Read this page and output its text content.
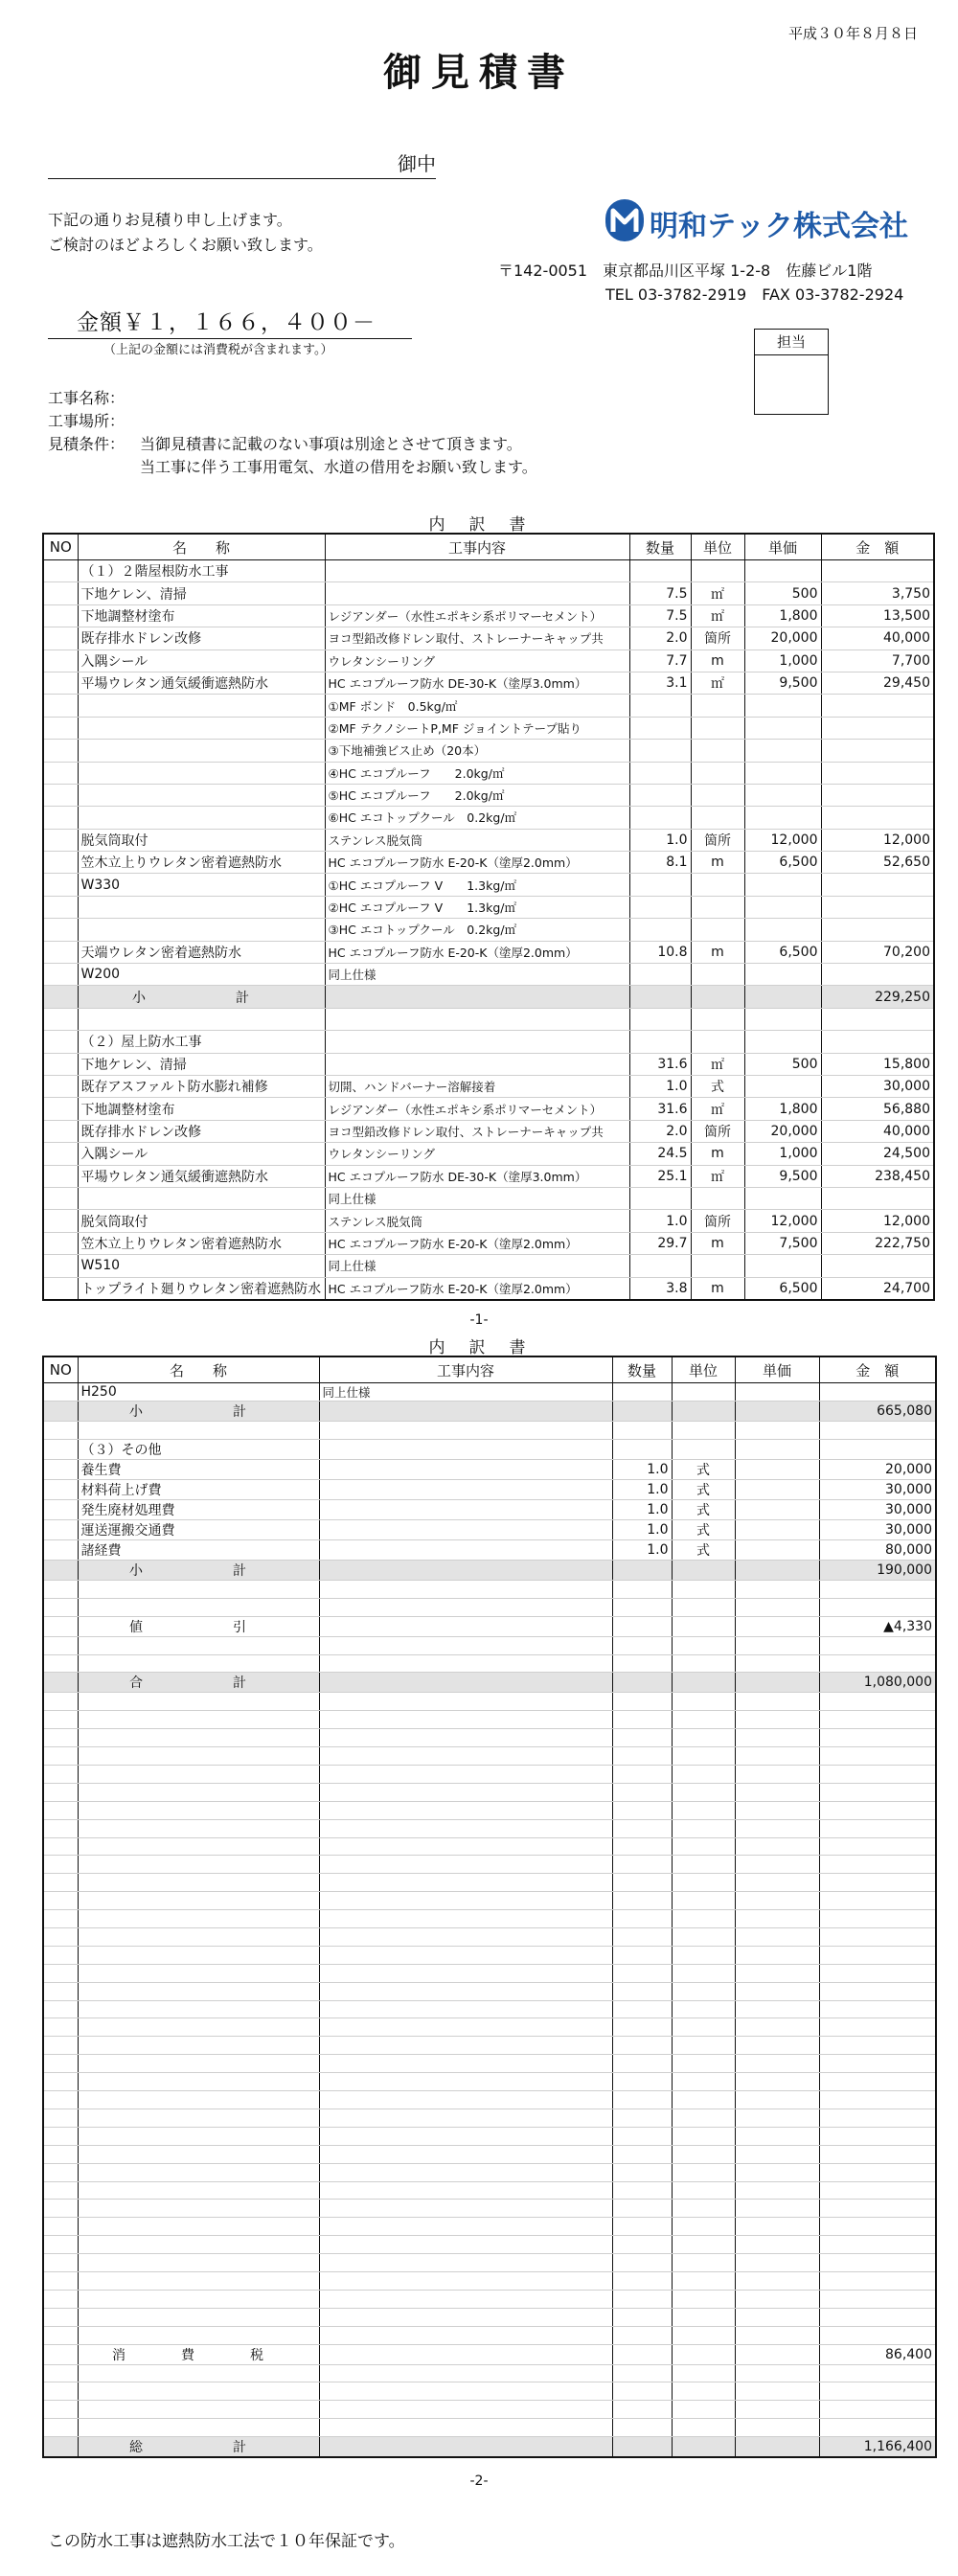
平成３０年８月８日
御見積書
御中
下記の通りお見積り申し上げます。
ご検討のほどよろしくお願い致します。
明和テック株式会社
〒142-0051　東京都品川区平塚 1-2-8　佐藤ビル1階
TEL 03-3782-2919　FAX 03-3782-2924
金額￥１，１６６，４００－
（上記の金額には消費税が含まれます。）	担当
工事名称：
工事場所：
見積条件： 当御見積書に記載のない事項は別途とさせて頂きます。
当工事に伴う工事用電気、水道の借用をお願い致します。
内　訳　書
NO	名　　称	工事内容	数量	単位	単価	金　額
	（１）２階屋根防水工事					
	下地ケレン、清掃		7.5	㎡	500	3,750
	下地調整材塗布	レジアンダー（水性エポキシ系ポリマーセメント）	7.5	㎡	1,800	13,500
	既存排水ドレン改修	ヨコ型鉛改修ドレン取付、ストレーナーキャップ共	2.0	箇所	20,000	40,000
	入隅シール	ウレタンシーリング	7.7	m	1,000	7,700
	平場ウレタン通気緩衝遮熱防水	HC エコプルーフ防水 DE-30-K（塗厚3.0mm）	3.1	㎡	9,500	29,450
		①MF ボンド　0.5kg/㎡				
		②MF テクノシートP,MF ジョイントテープ貼り				
		③下地補強ビス止め（20本）				
		④HC エコプルーフ　　2.0kg/㎡				
		⑤HC エコプルーフ　　2.0kg/㎡				
		⑥HC エコトップクール　0.2kg/㎡				
	脱気筒取付	ステンレス脱気筒	1.0	箇所	12,000	12,000
	笠木立上りウレタン密着遮熱防水	HC エコプルーフ防水 E-20-K（塗厚2.0mm）	8.1	m	6,500	52,650
	W330	①HC エコプルーフ V　　1.3kg/㎡				
		②HC エコプルーフ V　　1.3kg/㎡				
		③HC エコトップクール　0.2kg/㎡				
	天端ウレタン密着遮熱防水	HC エコプルーフ防水 E-20-K（塗厚2.0mm）	10.8	m	6,500	70,200
	W200	同上仕様				
	小　　計					229,250

	（２）屋上防水工事					
	下地ケレン、清掃		31.6	㎡	500	15,800
	既存アスファルト防水膨れ補修	切開、ハンドバーナー溶解接着	1.0	式		30,000
	下地調整材塗布	レジアンダー（水性エポキシ系ポリマーセメント）	31.6	㎡	1,800	56,880
	既存排水ドレン改修	ヨコ型鉛改修ドレン取付、ストレーナーキャップ共	2.0	箇所	20,000	40,000
	入隅シール	ウレタンシーリング	24.5	m	1,000	24,500
	平場ウレタン通気緩衝遮熱防水	HC エコプルーフ防水 DE-30-K（塗厚3.0mm）	25.1	㎡	9,500	238,450
		同上仕様				
	脱気筒取付	ステンレス脱気筒	1.0	箇所	12,000	12,000
	笠木立上りウレタン密着遮熱防水	HC エコプルーフ防水 E-20-K（塗厚2.0mm）	29.7	m	7,500	222,750
	W510	同上仕様				
	トップライト廻りウレタン密着遮熱防水	HC エコプルーフ防水 E-20-K（塗厚2.0mm）	3.8	m	6,500	24,700
-1-
内　訳　書
NO	名　　称	工事内容	数量	単位	単価	金　額
	H250	同上仕様				
	小　　計					665,080

	（３）その他					
	養生費		1.0	式		20,000
	材料荷上げ費		1.0	式		30,000
	発生廃材処理費		1.0	式		30,000
	運送運搬交通費		1.0	式		30,000
	諸経費		1.0	式		80,000
	小　　計					190,000

	値　　引					▲4,330

	合　　計					1,080,000

	消　費　税					86,400

	総　　計					1,166,400
-2-
この防水工事は遮熱防水工法で１０年保証です。
